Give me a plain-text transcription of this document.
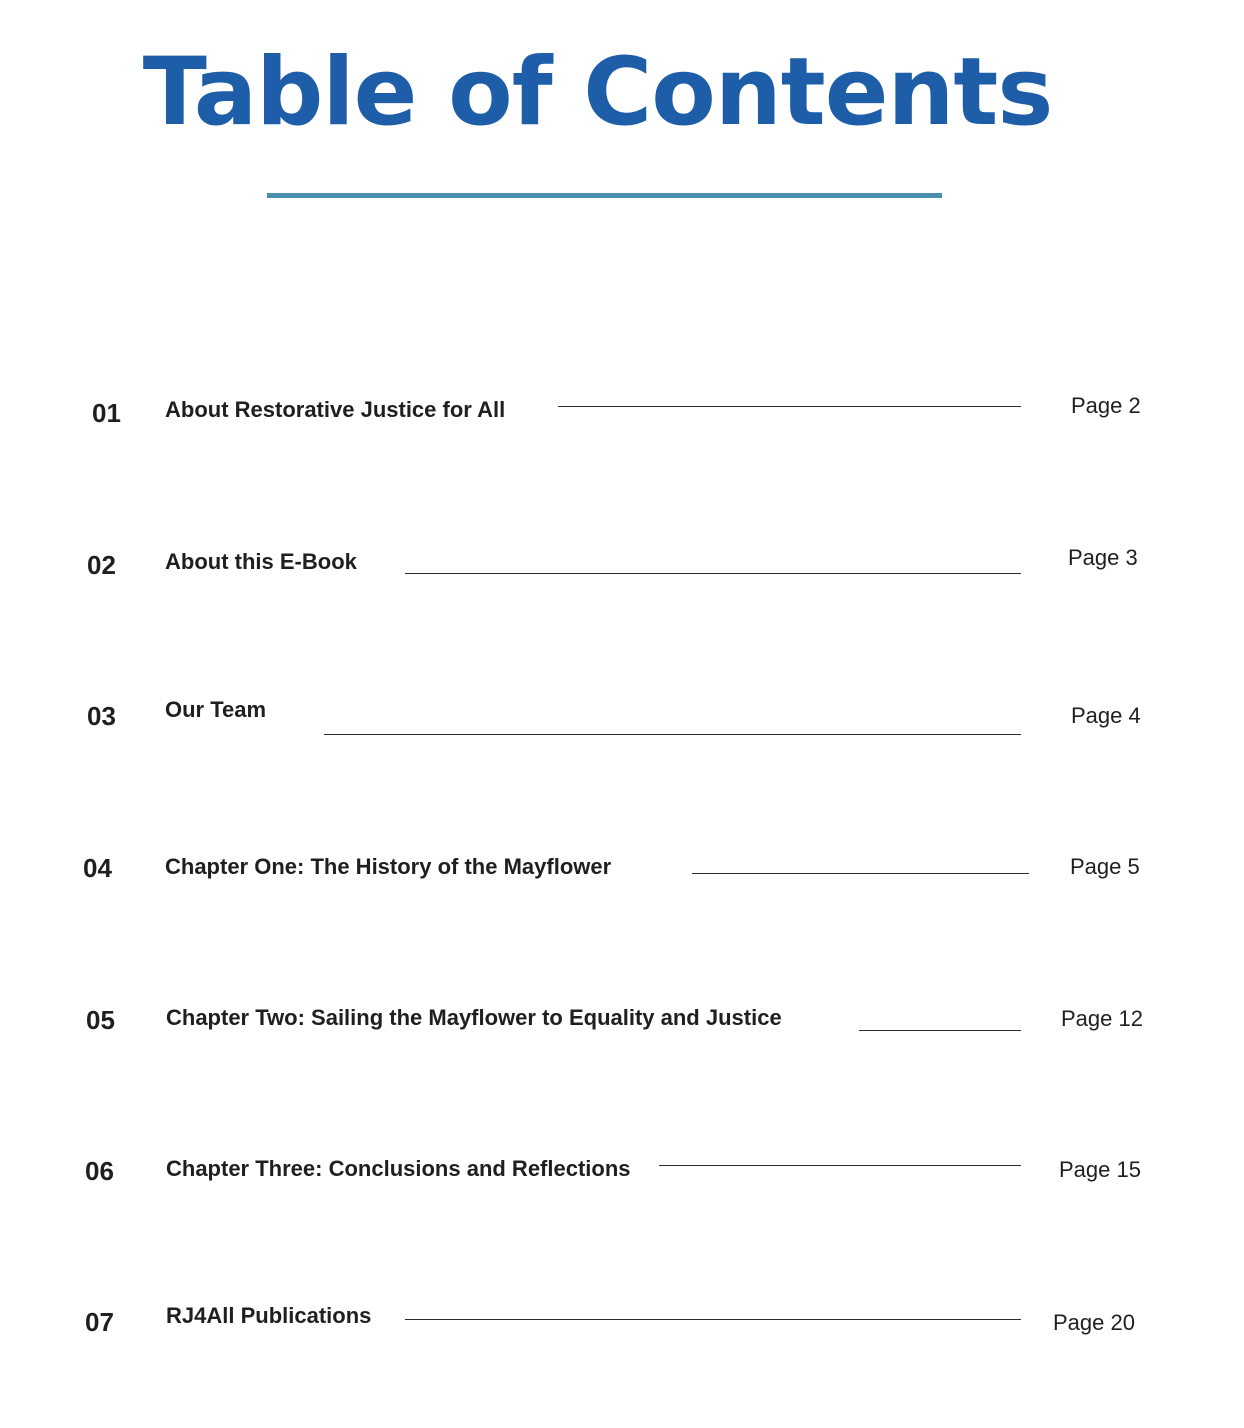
Table of Contents
01 About Restorative Justice for All	Page 2
02 About this E-Book	Page 3
03 Our Team	Page 4
04 Chapter One: The History of the Mayflower	Page 5
05 Chapter Two: Sailing the Mayflower to Equality and Justice	Page 12
06 Chapter Three: Conclusions and Reflections	Page 15
07 RJ4All Publications	Page 20
